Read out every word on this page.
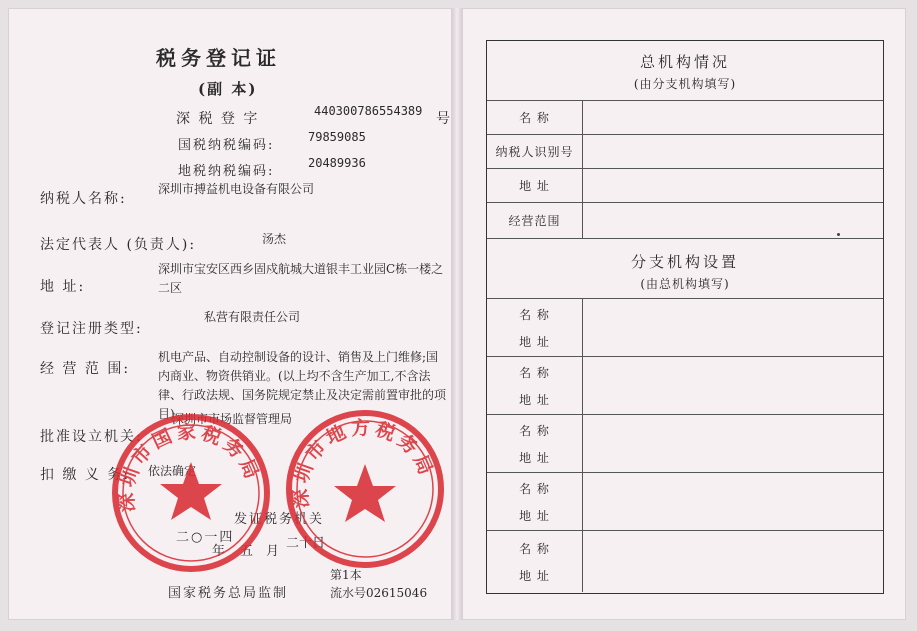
税务登记证
(副 本)
深 税 登 字	440300786554389 号
国税纳税编码:
79859085
地税纳税编码:
20489936
纳税人名称:
深圳市搏益机电设备有限公司
法定代表人 (负责人):	汤杰
地 址:
深圳市宝安区西乡固戍航城大道银丰工业园C栋一楼之二区
登记注册类型:
私营有限责任公司
经 营 范 围:
机电产品、自动控制设备的设计、销售及上门维修;国内商业、物资供销业。(以上均不含生产加工,不含法律、行政法规、国务院规定禁止及决定需前置审批的项目)
批准设立机关:
深圳市市场监督管理局
扣 缴 义 务: 依法确定
发证税务机关
二○一四
年 五 月
二十日
国家税务总局监制
第1本
流水号02615046
深圳市国家税务局
深圳市地方税务局
总机构情况
(由分支机构填写)
名 称
纳税人识别号
地 址
经营范围
分支机构设置
(由总机构填写)
名 称
地 址
名 称
地 址
名 称
地 址
名 称
地 址
名 称
地 址
